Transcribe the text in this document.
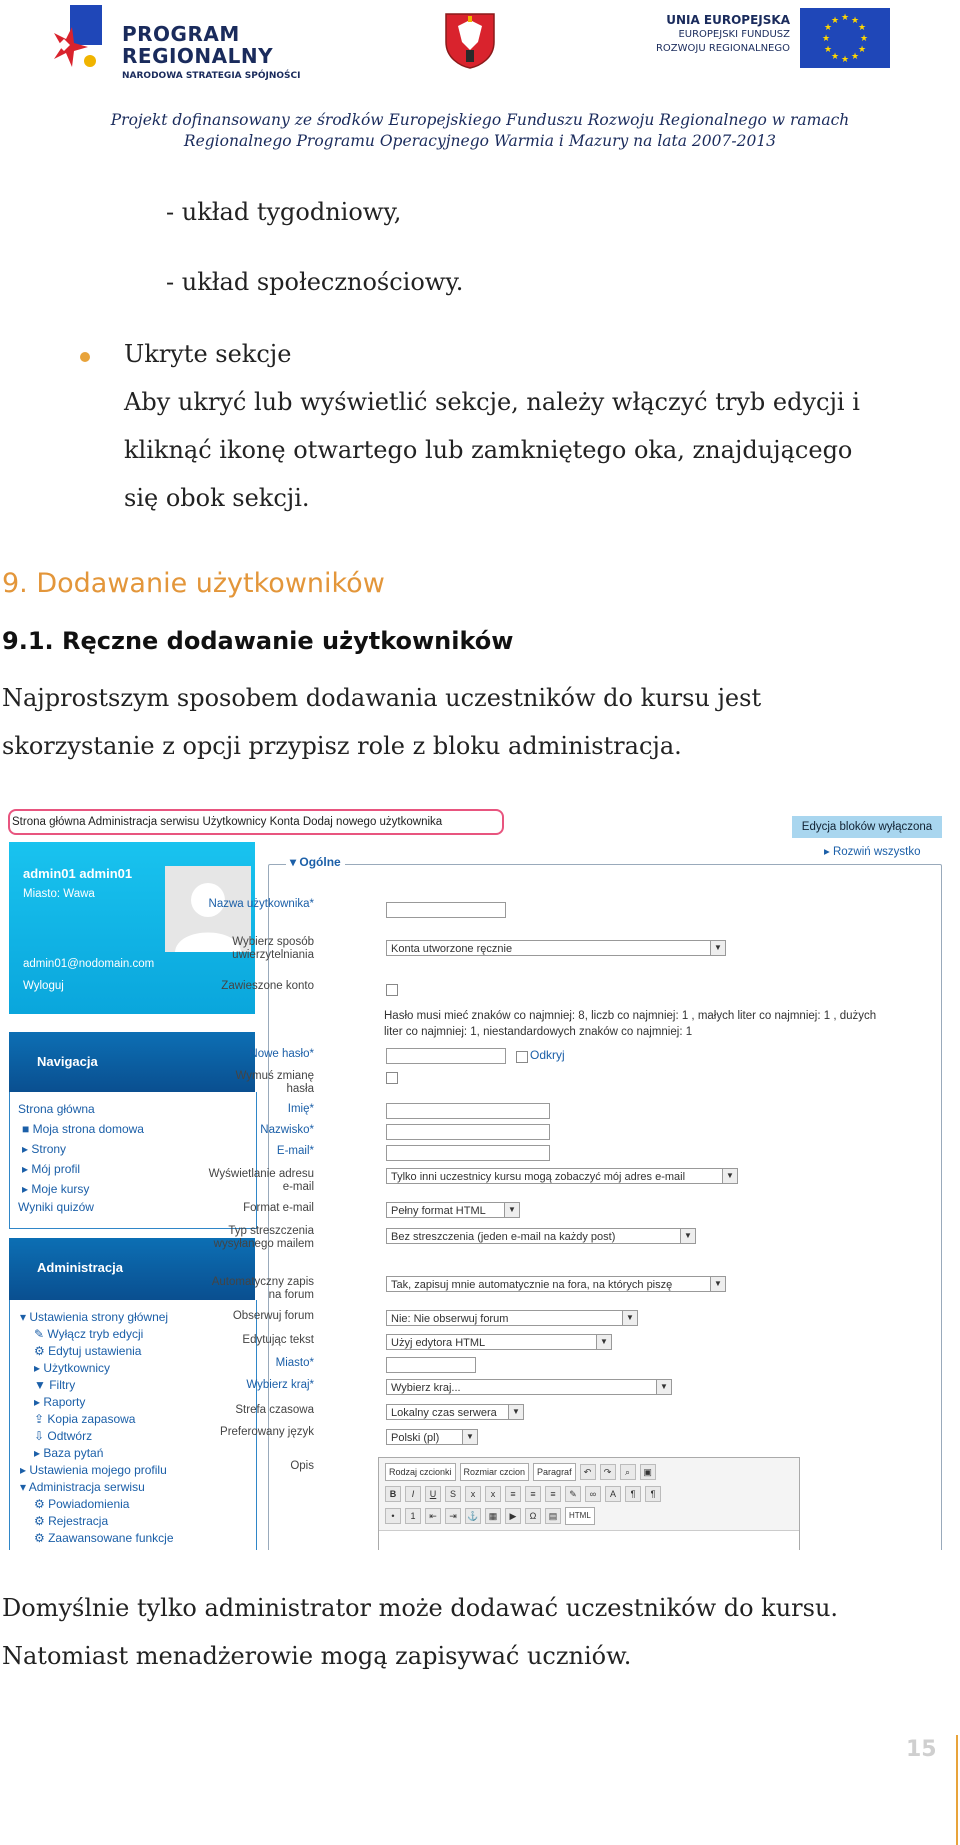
PROGRAM
REGIONALNY
NARODOWA STRATEGIA SPÓJNOŚCI
UNIA EUROPEJSKA
EUROPEJSKI FUNDUSZ
ROZWOJU REGIONALNEGO
★ ★
★
★
★
★
★
★
★
★
★
★
Projekt dofinansowany ze środków Europejskiego Funduszu Rozwoju Regionalnego w ramach
Regionalnego Programu Operacyjnego Warmia i Mazury na lata 2007-2013
- układ tygodniowy,
- układ społecznościowy.
Ukryte sekcje
Aby ukryć lub wyświetlić sekcje, należy włączyć tryb edycji i
kliknąć ikonę otwartego lub zamkniętego oka, znajdującego
się obok sekcji.
9. Dodawanie użytkowników
9.1. Ręczne dodawanie użytkowników
Najprostszym sposobem dodawania uczestników do kursu jest
skorzystanie z opcji przypisz role z bloku administracja.
Strona główna Administracja serwisu Użytkownicy Konta Dodaj nowego użytkownika	Edycja bloków wyłączona
▸ Rozwiń wszystko
admin01 admin01
Miasto: Wawa
admin01@nodomain.com
Wyloguj
Navigacja
Strona główna
■ Moja strona domowa
▸ Strony
▸ Mój profil
▸ Moje kursy
Wyniki quizów
Administracja
▾ Ustawienia strony głównej
✎ Wyłącz tryb edycji
⚙ Edytuj ustawienia
▸ Użytkownicy
▼ Filtry
▸ Raporty
⇪ Kopia zapasowa
⇩ Odtwórz
▸ Baza pytań
▸ Ustawienia mojego profilu
▾ Administracja serwisu
⚙ Powiadomienia
⚙ Rejestracja
⚙ Zaawansowane funkcje
▾ Ogólne
Nazwa użytkownika*
Wybierz sposób uwierzytelniania	Konta utworzone ręcznie	▼
Zawieszone konto
Hasło musi mieć znaków co najmniej: 8, liczb co najmniej: 1 , małych liter co najmniej: 1 , dużych liter co najmniej: 1, niestandardowych znaków co najmniej: 1
Nowe hasło*	Odkryj
Wymuś zmianę hasła
Imię*
Nazwisko*
E-mail*
Wyświetlanie adresu e-mail
Tylko inni uczestnicy kursu mogą zobaczyć mój adres e-mail	▼
Format e-mail	Pełny format HTML	▼
Typ streszczenia wysyłanego mailem
Bez streszczenia (jeden e-mail na każdy post)	▼
Automatyczny zapis na forum
Tak, zapisuj mnie automatycznie na fora, na których piszę	▼
Obserwuj forum	Nie: Nie obserwuj forum	▼
Edytując tekst	Użyj edytora HTML	▼
Miasto*
Wybierz kraj*	Wybierz kraj...	▼
Strefa czasowa	Lokalny czas serwera	▼
Preferowany język	Polski (pl)	▼
Opis	Rodzaj czcionki	Rozmiar czcion	Paragraf	↶	↷	⌕	▣
B	I	U	S	x	x	≡	≡	≡	✎	∞	A	¶	¶
•	1	⇤	⇥	⚓	▦	▶	Ω	▤	HTML
Domyślnie tylko administrator może dodawać uczestników do kursu.
Natomiast menadżerowie mogą zapisywać uczniów.
15
